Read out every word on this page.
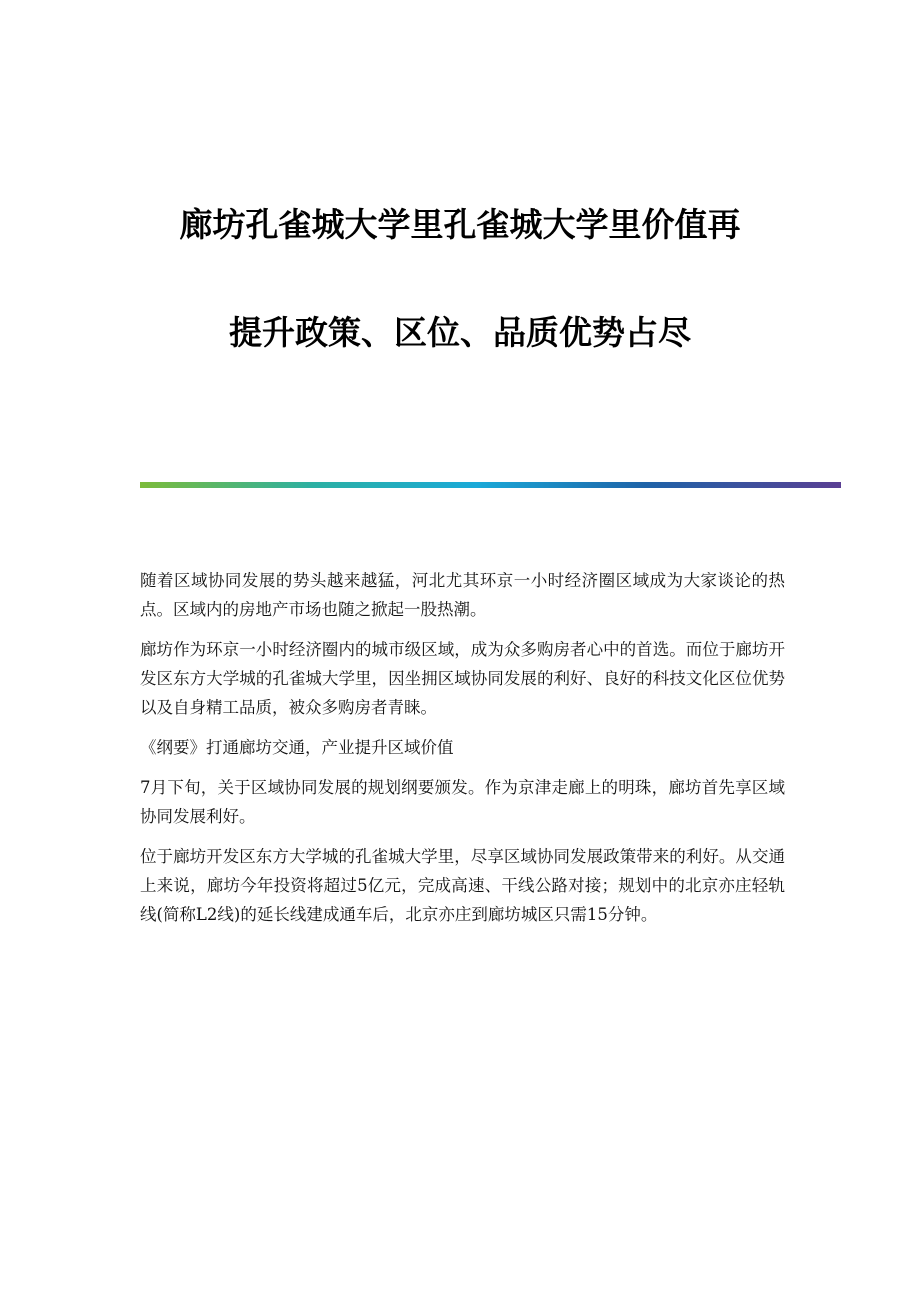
廊坊孔雀城大学里孔雀城大学里价值再
提升政策、区位、品质优势占尽

随着区域协同发展的势头越来越猛，河北尤其环京一小时经济圈区域成为大家谈论的热点。区域内的房地产市场也随之掀起一股热潮。

廊坊作为环京一小时经济圈内的城市级区域，成为众多购房者心中的首选。而位于廊坊开发区东方大学城的孔雀城大学里，因坐拥区域协同发展的利好、良好的科技文化区位优势以及自身精工品质，被众多购房者青睐。

《纲要》打通廊坊交通，产业提升区域价值

7月下旬，关于区域协同发展的规划纲要颁发。作为京津走廊上的明珠，廊坊首先享区域协同发展利好。

位于廊坊开发区东方大学城的孔雀城大学里，尽享区域协同发展政策带来的利好。从交通上来说，廊坊今年投资将超过5亿元，完成高速、干线公路对接；规划中的北京亦庄轻轨线(简称L2线)的延长线建成通车后，北京亦庄到廊坊城区只需15分钟。
